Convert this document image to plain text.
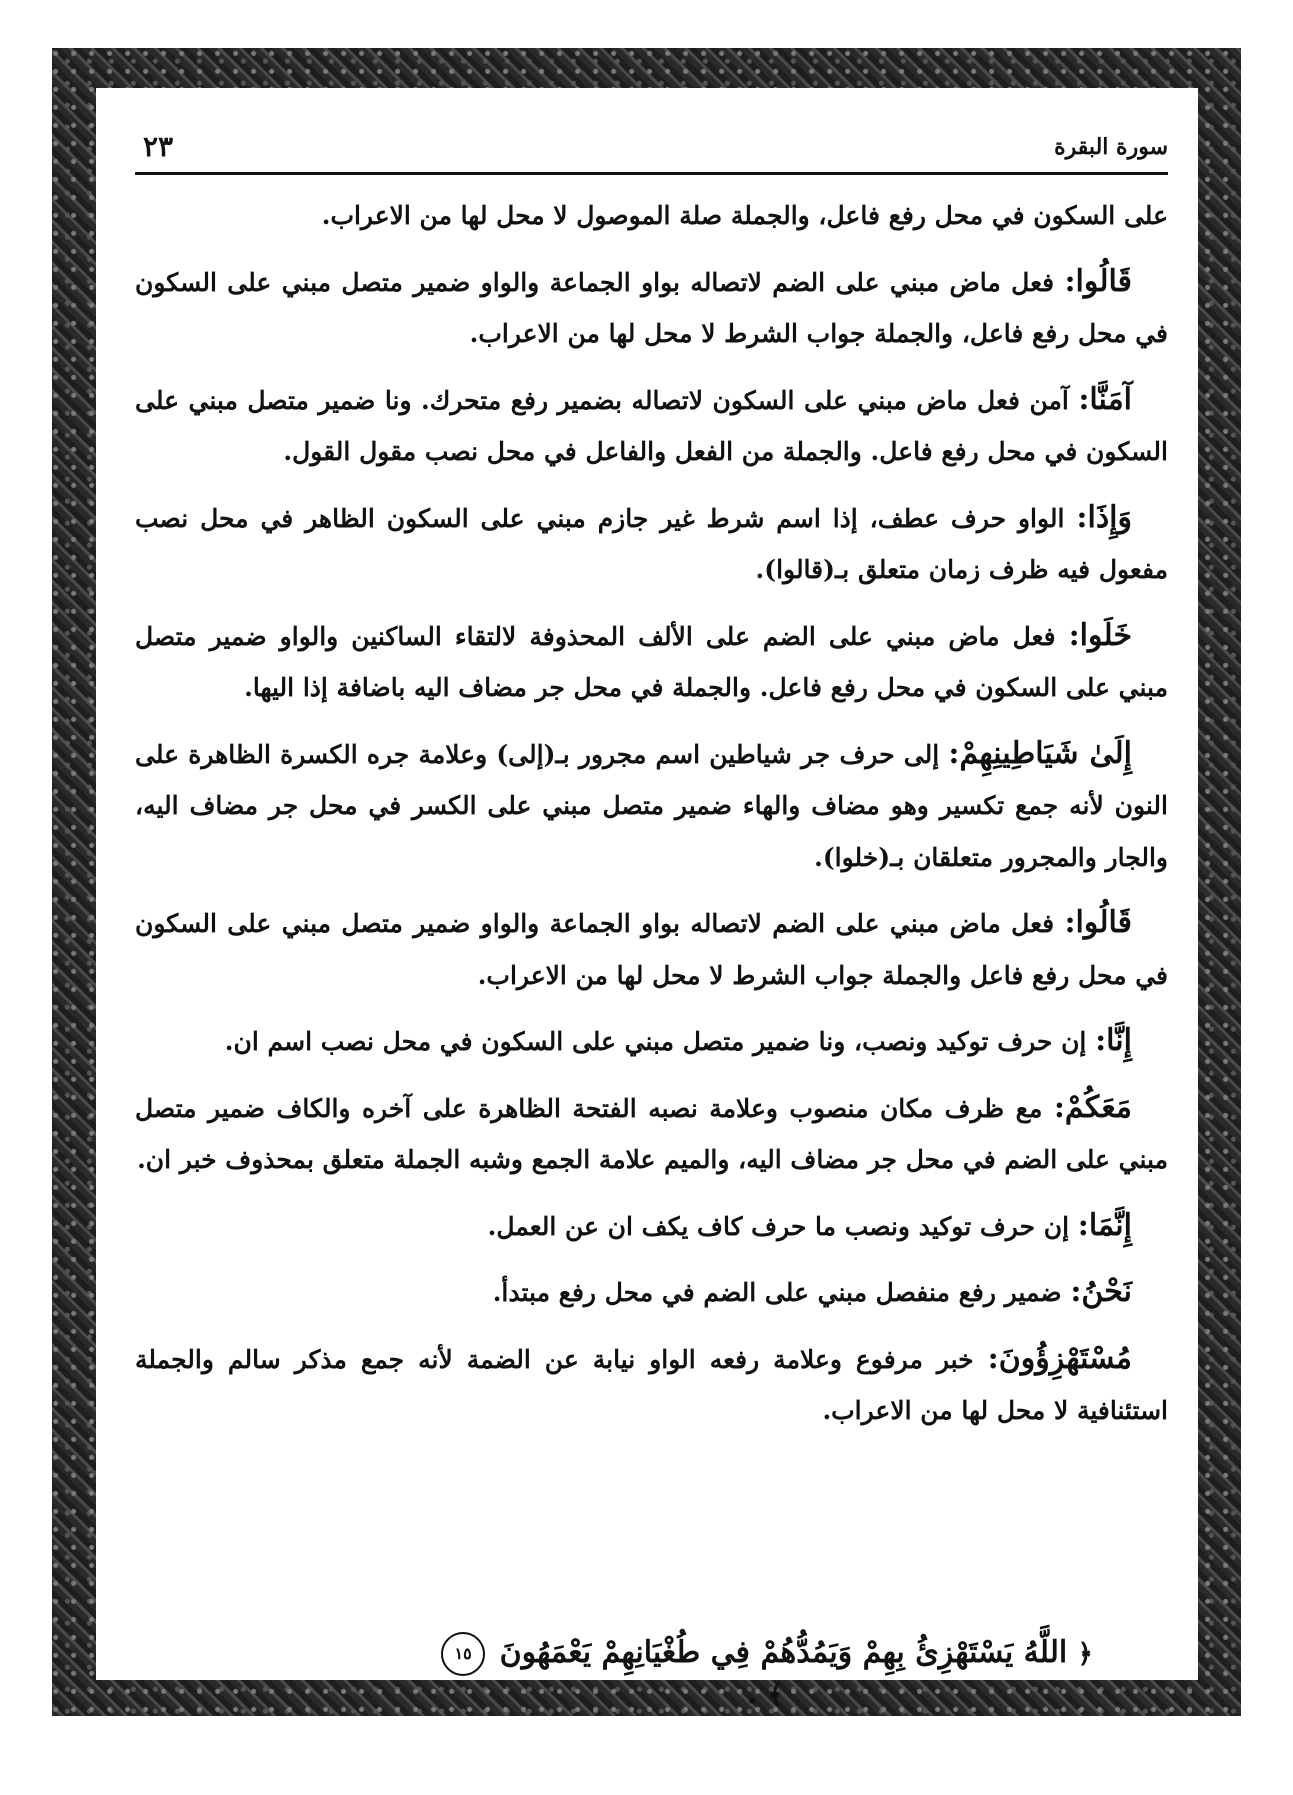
سورة البقرة
٢٣

على السكون في محل رفع فاعل، والجملة صلة الموصول لا محل لها من الاعراب.

قَالُوا: فعل ماض مبني على الضم لاتصاله بواو الجماعة والواو ضمير متصل مبني على السكون في محل رفع فاعل، والجملة جواب الشرط لا محل لها من الاعراب.

آمَنَّا: آمن فعل ماض مبني على السكون لاتصاله بضمير رفع متحرك. ونا ضمير متصل مبني على السكون في محل رفع فاعل. والجملة من الفعل والفاعل في محل نصب مقول القول.

وَإِذَا: الواو حرف عطف، إذا اسم شرط غير جازم مبني على السكون الظاهر في محل نصب مفعول فيه ظرف زمان متعلق بـ(قالوا).

خَلَوا: فعل ماض مبني على الضم على الألف المحذوفة لالتقاء الساكنين والواو ضمير متصل مبني على السكون في محل رفع فاعل. والجملة في محل جر مضاف اليه باضافة إذا اليها.

إِلَىٰ شَيَاطِينِهِمْ: إلى حرف جر شياطين اسم مجرور بـ(إلى) وعلامة جره الكسرة الظاهرة على النون لأنه جمع تكسير وهو مضاف والهاء ضمير متصل مبني على الكسر في محل جر مضاف اليه، والجار والمجرور متعلقان بـ(خلوا).

قَالُوا: فعل ماض مبني على الضم لاتصاله بواو الجماعة والواو ضمير متصل مبني على السكون في محل رفع فاعل والجملة جواب الشرط لا محل لها من الاعراب.

إِنَّا: إن حرف توكيد ونصب، ونا ضمير متصل مبني على السكون في محل نصب اسم ان.

مَعَكُمْ: مع ظرف مكان منصوب وعلامة نصبه الفتحة الظاهرة على آخره والكاف ضمير متصل مبني على الضم في محل جر مضاف اليه، والميم علامة الجمع وشبه الجملة متعلق بمحذوف خبر ان.

إِنَّمَا: إن حرف توكيد ونصب ما حرف كاف يكف ان عن العمل.

نَحْنُ: ضمير رفع منفصل مبني على الضم في محل رفع مبتدأ.

مُسْتَهْزِؤُونَ: خبر مرفوع وعلامة رفعه الواو نيابة عن الضمة لأنه جمع مذكر سالم والجملة استئنافية لا محل لها من الاعراب.

﴿ اللَّهُ يَسْتَهْزِئُ بِهِمْ وَيَمُدُّهُمْ فِي طُغْيَانِهِمْ يَعْمَهُونَ ١٥ ﴾ .
